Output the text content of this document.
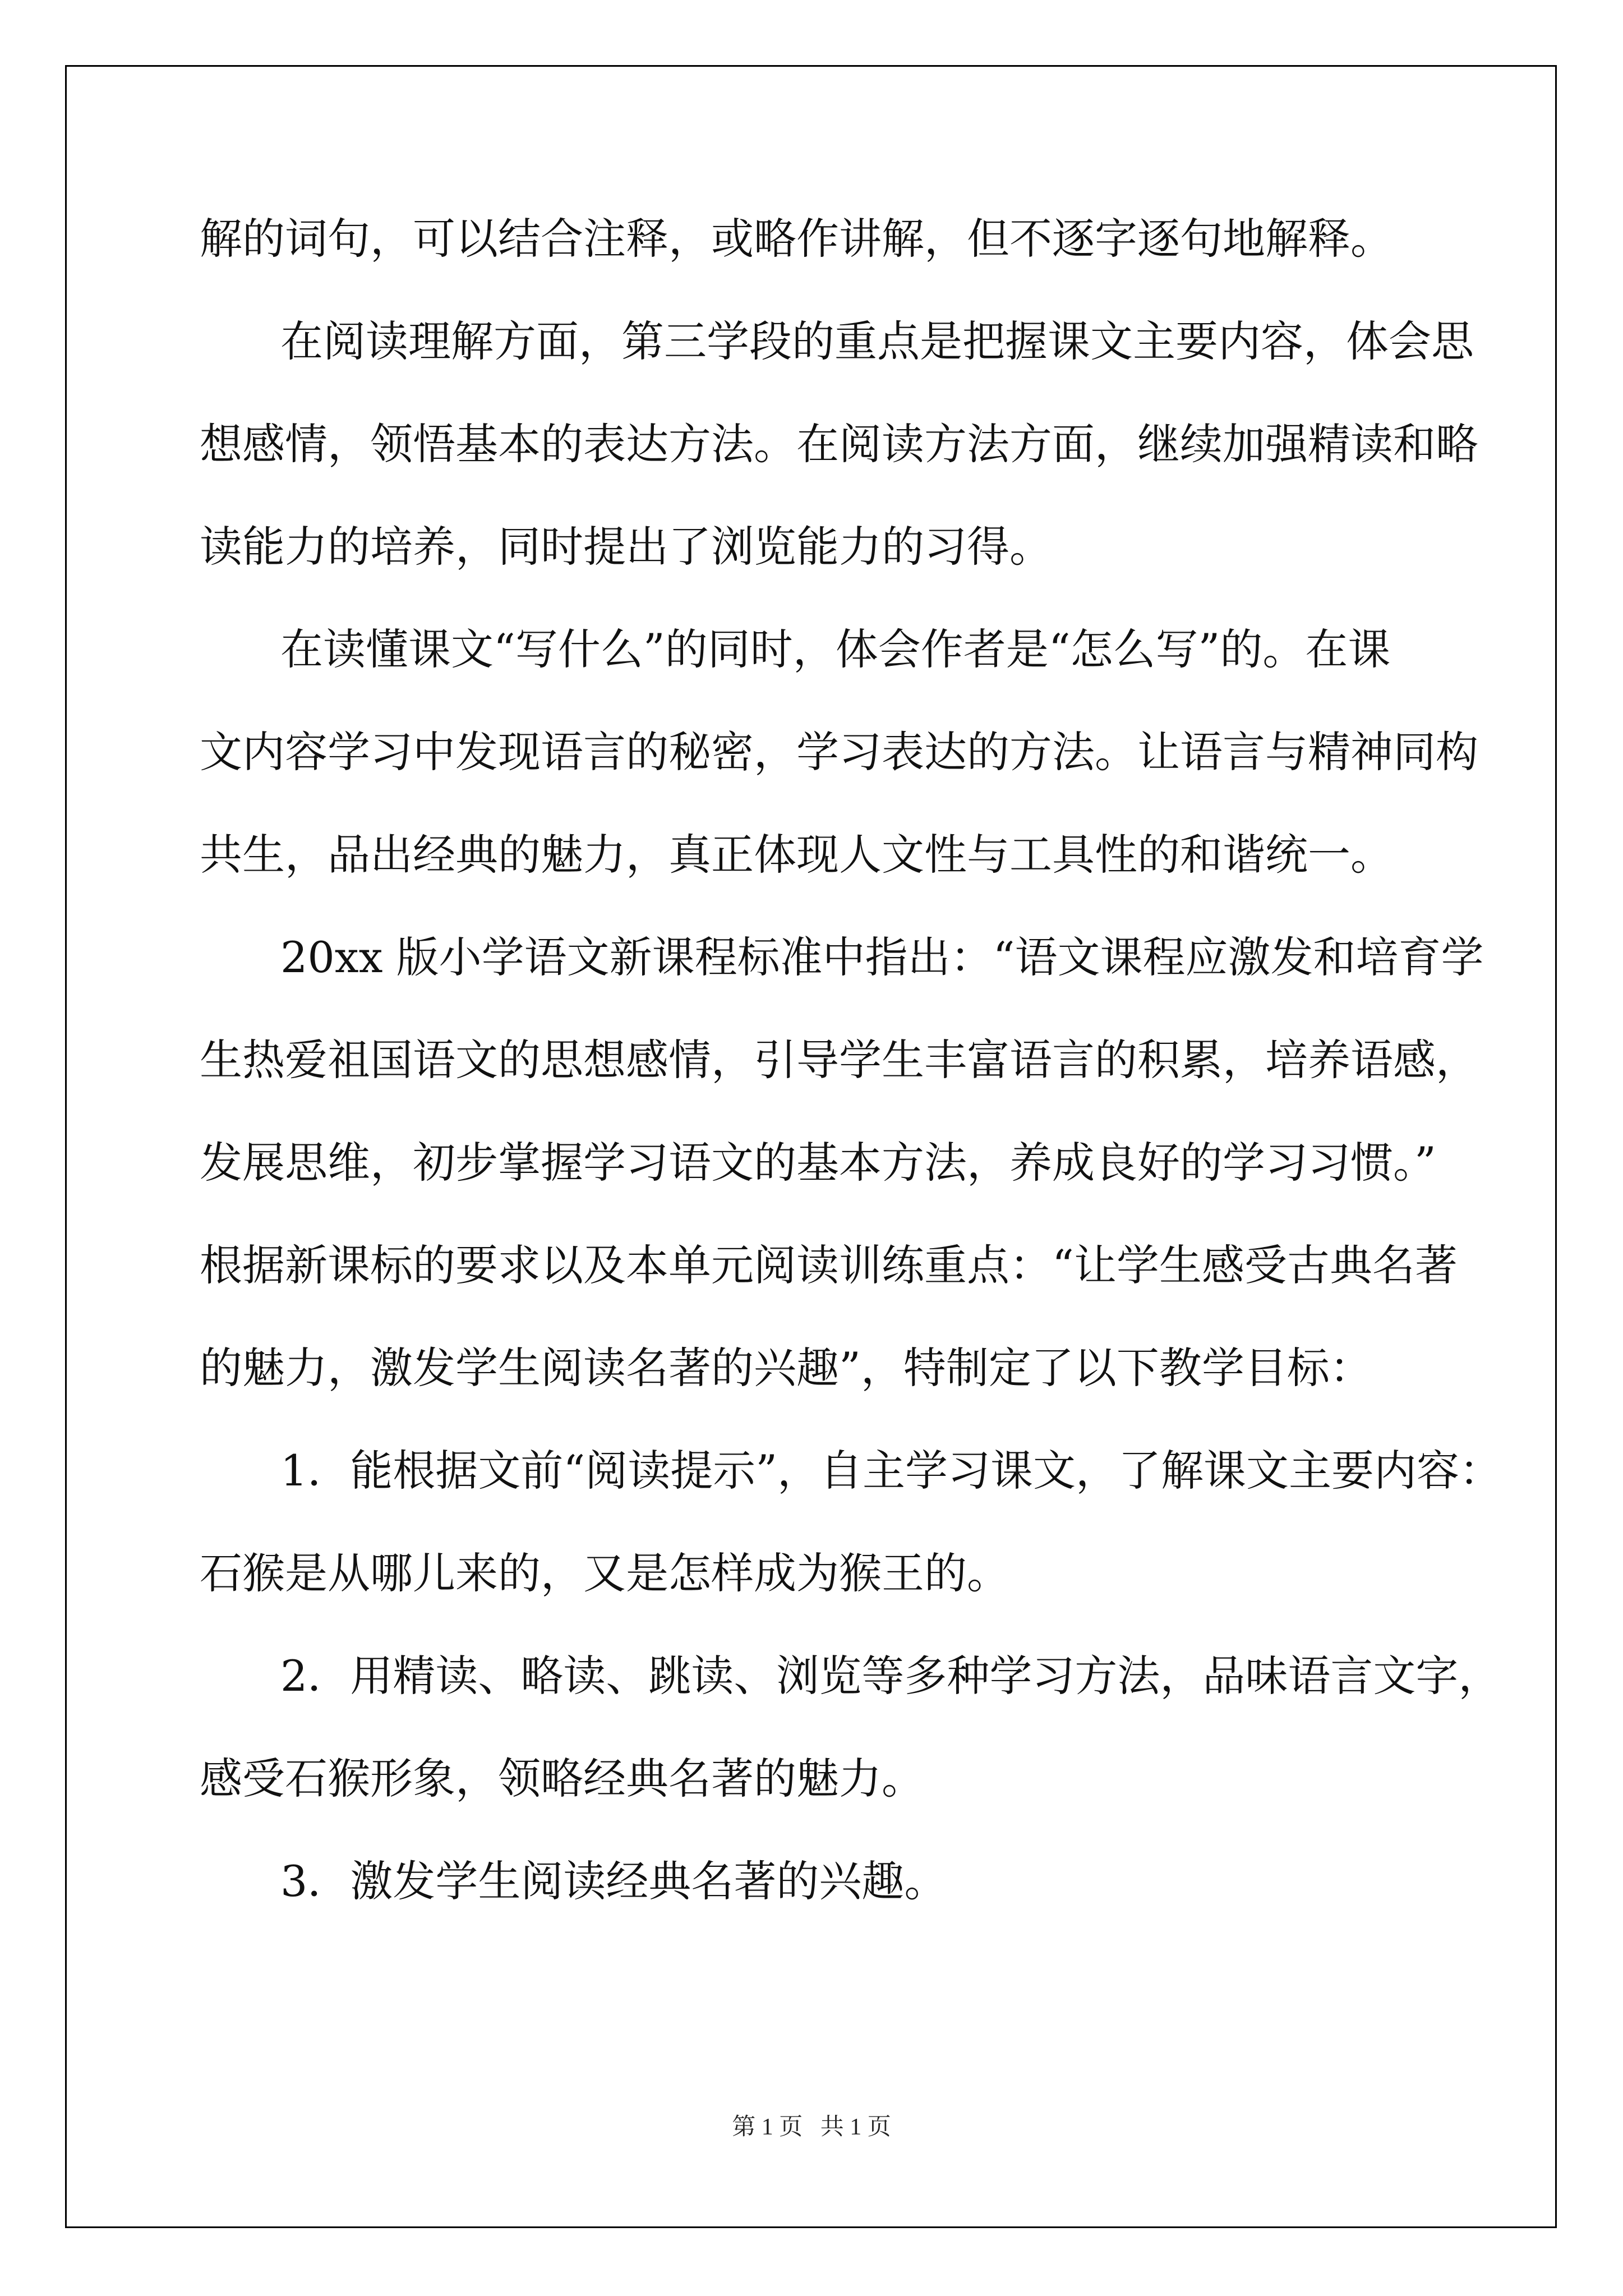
解的词句，可以结合注释，或略作讲解，但不逐字逐句地解释。
在阅读理解方面，第三学段的重点是把握课文主要内容，体会思
想感情，领悟基本的表达方法。在阅读方法方面，继续加强精读和略
读能力的培养，同时提出了浏览能力的习得。
在读懂课文“写什么”的同时，体会作者是“怎么写”的。在课
文内容学习中发现语言的秘密，学习表达的方法。让语言与精神同构
共生，品出经典的魅力，真正体现人文性与工具性的和谐统一。
20xx 版小学语文新课程标准中指出：“语文课程应激发和培育学
生热爱祖国语文的思想感情，引导学生丰富语言的积累，培养语感，
发展思维，初步掌握学习语文的基本方法，养成良好的学习习惯。”
根据新课标的要求以及本单元阅读训练重点：“让学生感受古典名著
的魅力，激发学生阅读名著的兴趣”，特制定了以下教学目标：
1．能根据文前“阅读提示”，自主学习课文，了解课文主要内容：
石猴是从哪儿来的，又是怎样成为猴王的。
2．用精读、略读、跳读、浏览等多种学习方法，品味语言文字，
感受石猴形象，领略经典名著的魅力。
3．激发学生阅读经典名著的兴趣。
第 1 页   共 1 页
